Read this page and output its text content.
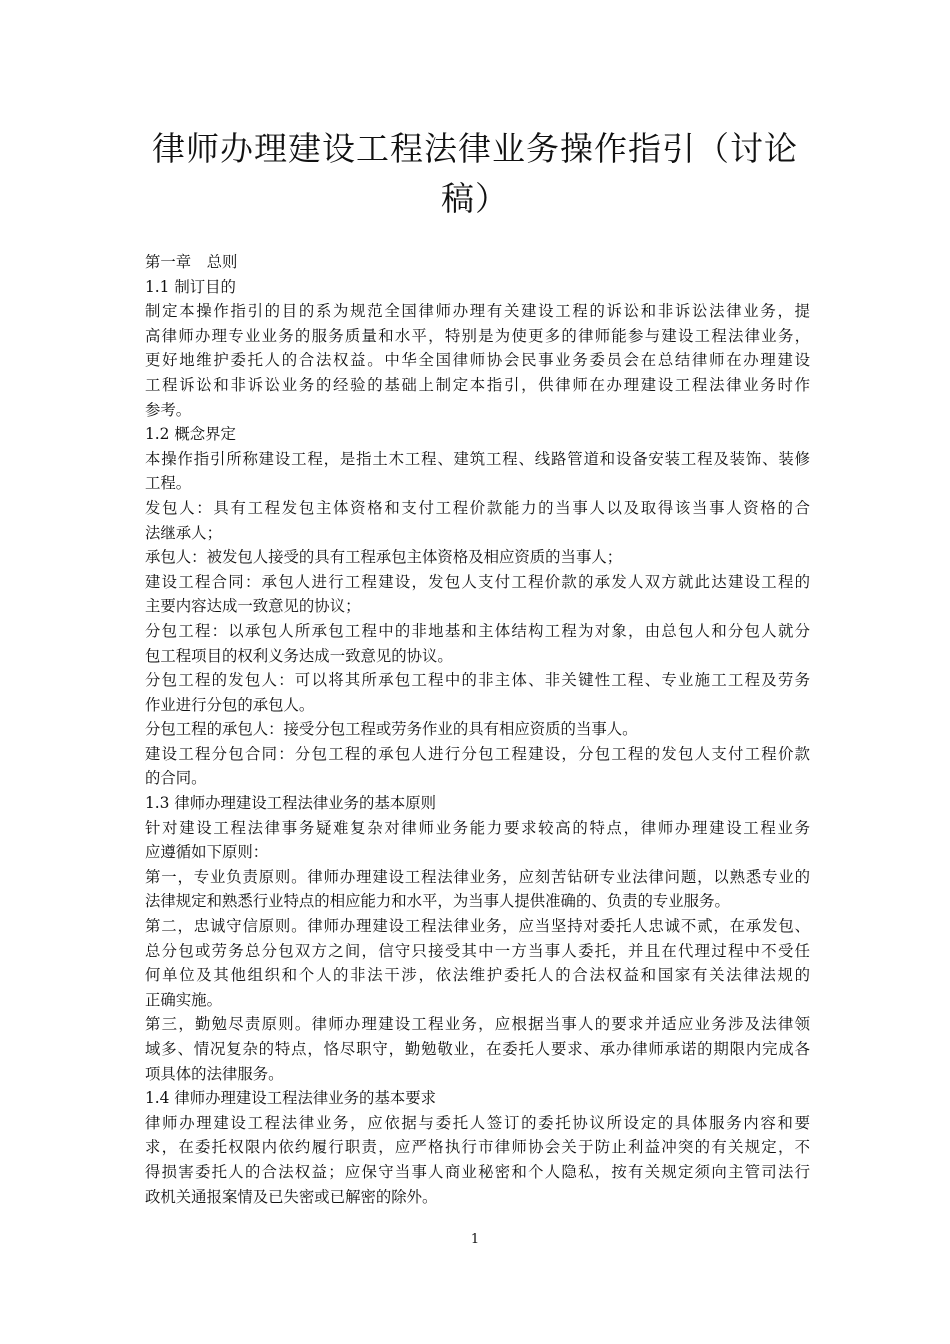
律师办理建设工程法律业务操作指引（讨论
稿）
第一章　总则
1.1 制订目的
制定本操作指引的目的系为规范全国律师办理有关建设工程的诉讼和非诉讼法律业务，提
高律师办理专业业务的服务质量和水平，特别是为使更多的律师能参与建设工程法律业务，
更好地维护委托人的合法权益。中华全国律师协会民事业务委员会在总结律师在办理建设
工程诉讼和非诉讼业务的经验的基础上制定本指引，供律师在办理建设工程法律业务时作
参考。
1.2 概念界定
本操作指引所称建设工程，是指土木工程、建筑工程、线路管道和设备安装工程及装饰、装修
工程。
发包人：具有工程发包主体资格和支付工程价款能力的当事人以及取得该当事人资格的合
法继承人；
承包人：被发包人接受的具有工程承包主体资格及相应资质的当事人；
建设工程合同：承包人进行工程建设，发包人支付工程价款的承发人双方就此达建设工程的
主要内容达成一致意见的协议；
分包工程：以承包人所承包工程中的非地基和主体结构工程为对象，由总包人和分包人就分
包工程项目的权利义务达成一致意见的协议。
分包工程的发包人：可以将其所承包工程中的非主体、非关键性工程、专业施工工程及劳务
作业进行分包的承包人。
分包工程的承包人：接受分包工程或劳务作业的具有相应资质的当事人。
建设工程分包合同：分包工程的承包人进行分包工程建设，分包工程的发包人支付工程价款
的合同。
1.3 律师办理建设工程法律业务的基本原则
针对建设工程法律事务疑难复杂对律师业务能力要求较高的特点，律师办理建设工程业务
应遵循如下原则：
第一，专业负责原则。律师办理建设工程法律业务，应刻苦钻研专业法律问题，以熟悉专业的
法律规定和熟悉行业特点的相应能力和水平，为当事人提供准确的、负责的专业服务。
第二，忠诚守信原则。律师办理建设工程法律业务，应当坚持对委托人忠诚不贰，在承发包、
总分包或劳务总分包双方之间，信守只接受其中一方当事人委托，并且在代理过程中不受任
何单位及其他组织和个人的非法干涉，依法维护委托人的合法权益和国家有关法律法规的
正确实施。
第三，勤勉尽责原则。律师办理建设工程业务，应根据当事人的要求并适应业务涉及法律领
域多、情况复杂的特点，恪尽职守，勤勉敬业，在委托人要求、承办律师承诺的期限内完成各
项具体的法律服务。
1.4 律师办理建设工程法律业务的基本要求
律师办理建设工程法律业务，应依据与委托人签订的委托协议所设定的具体服务内容和要
求，在委托权限内依约履行职责，应严格执行市律师协会关于防止利益冲突的有关规定，不
得损害委托人的合法权益；应保守当事人商业秘密和个人隐私，按有关规定须向主管司法行
政机关通报案情及已失密或已解密的除外。
1
